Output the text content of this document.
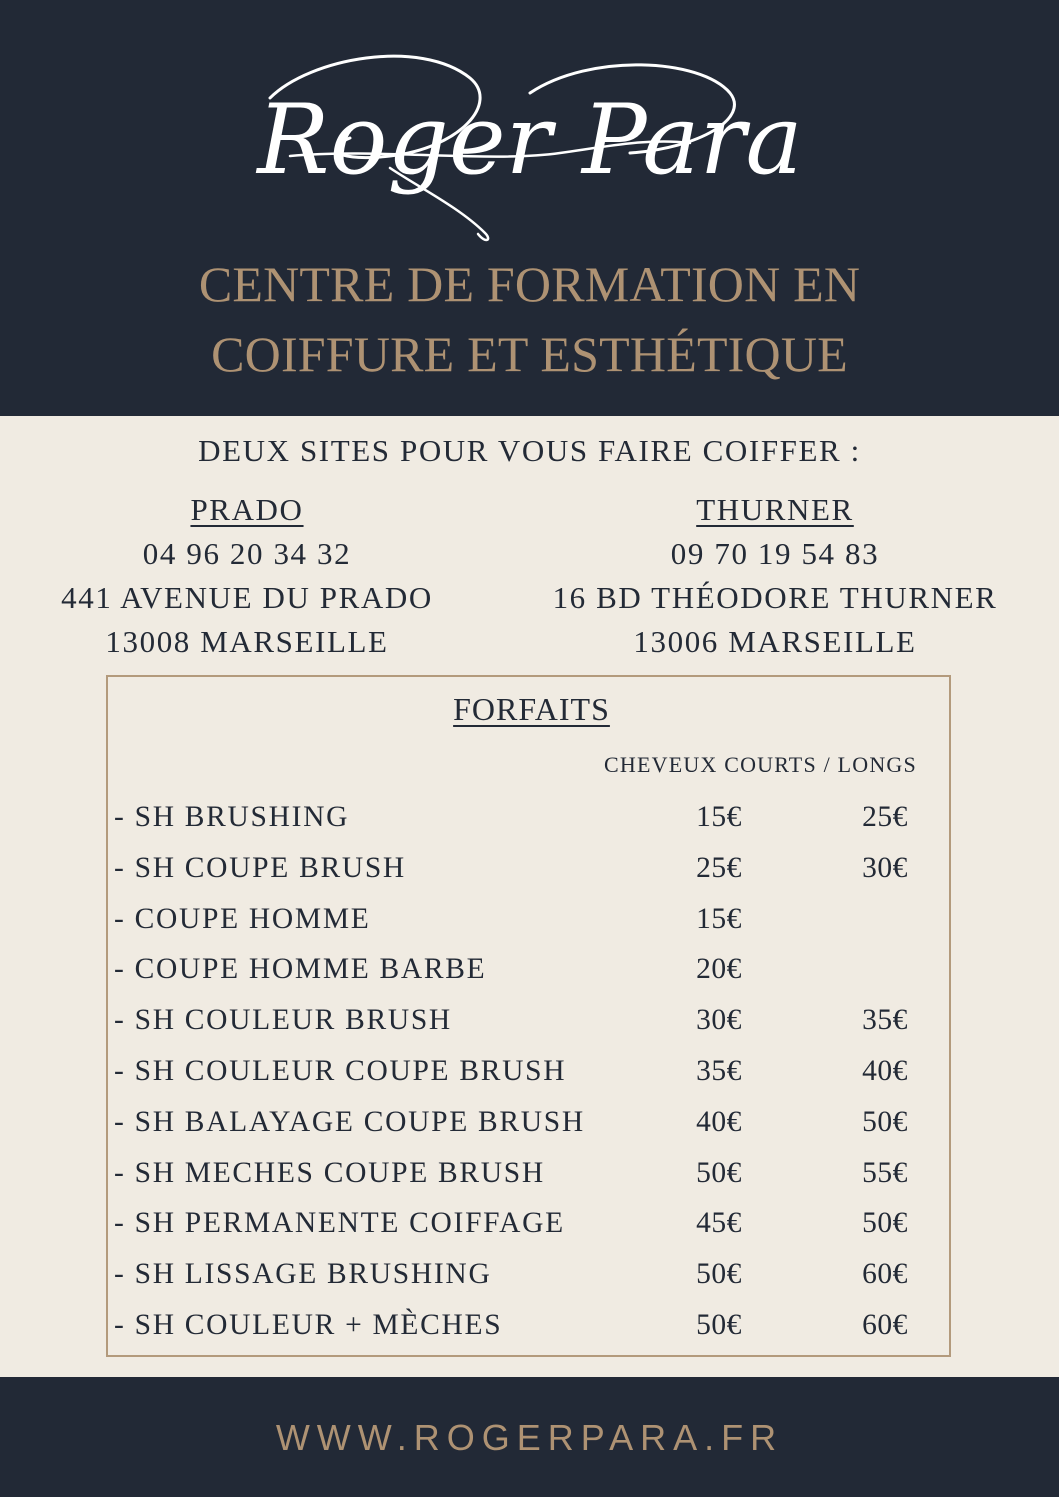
Roger Para
CENTRE DE FORMATION EN
COIFFURE ET ESTHÉTIQUE
DEUX SITES POUR VOUS FAIRE COIFFER :
PRADO
04 96 20 34 32
441 AVENUE DU PRADO
13008 MARSEILLE
THURNER
09 70 19 54 83
16 BD THÉODORE THURNER
13006 MARSEILLE
FORFAITS
CHEVEUX COURTS / LONGS
- SH BRUSHING	15€	25€
- SH COUPE BRUSH	25€	30€
- COUPE HOMME	15€
- COUPE HOMME BARBE	20€
- SH COULEUR BRUSH	30€	35€
- SH COULEUR COUPE BRUSH	35€	40€
- SH BALAYAGE COUPE BRUSH	40€	50€
- SH MECHES COUPE BRUSH	50€	55€
- SH PERMANENTE COIFFAGE	45€	50€
- SH LISSAGE BRUSHING	50€	60€
- SH COULEUR + MÈCHES	50€	60€
WWW.ROGERPARA.FR
